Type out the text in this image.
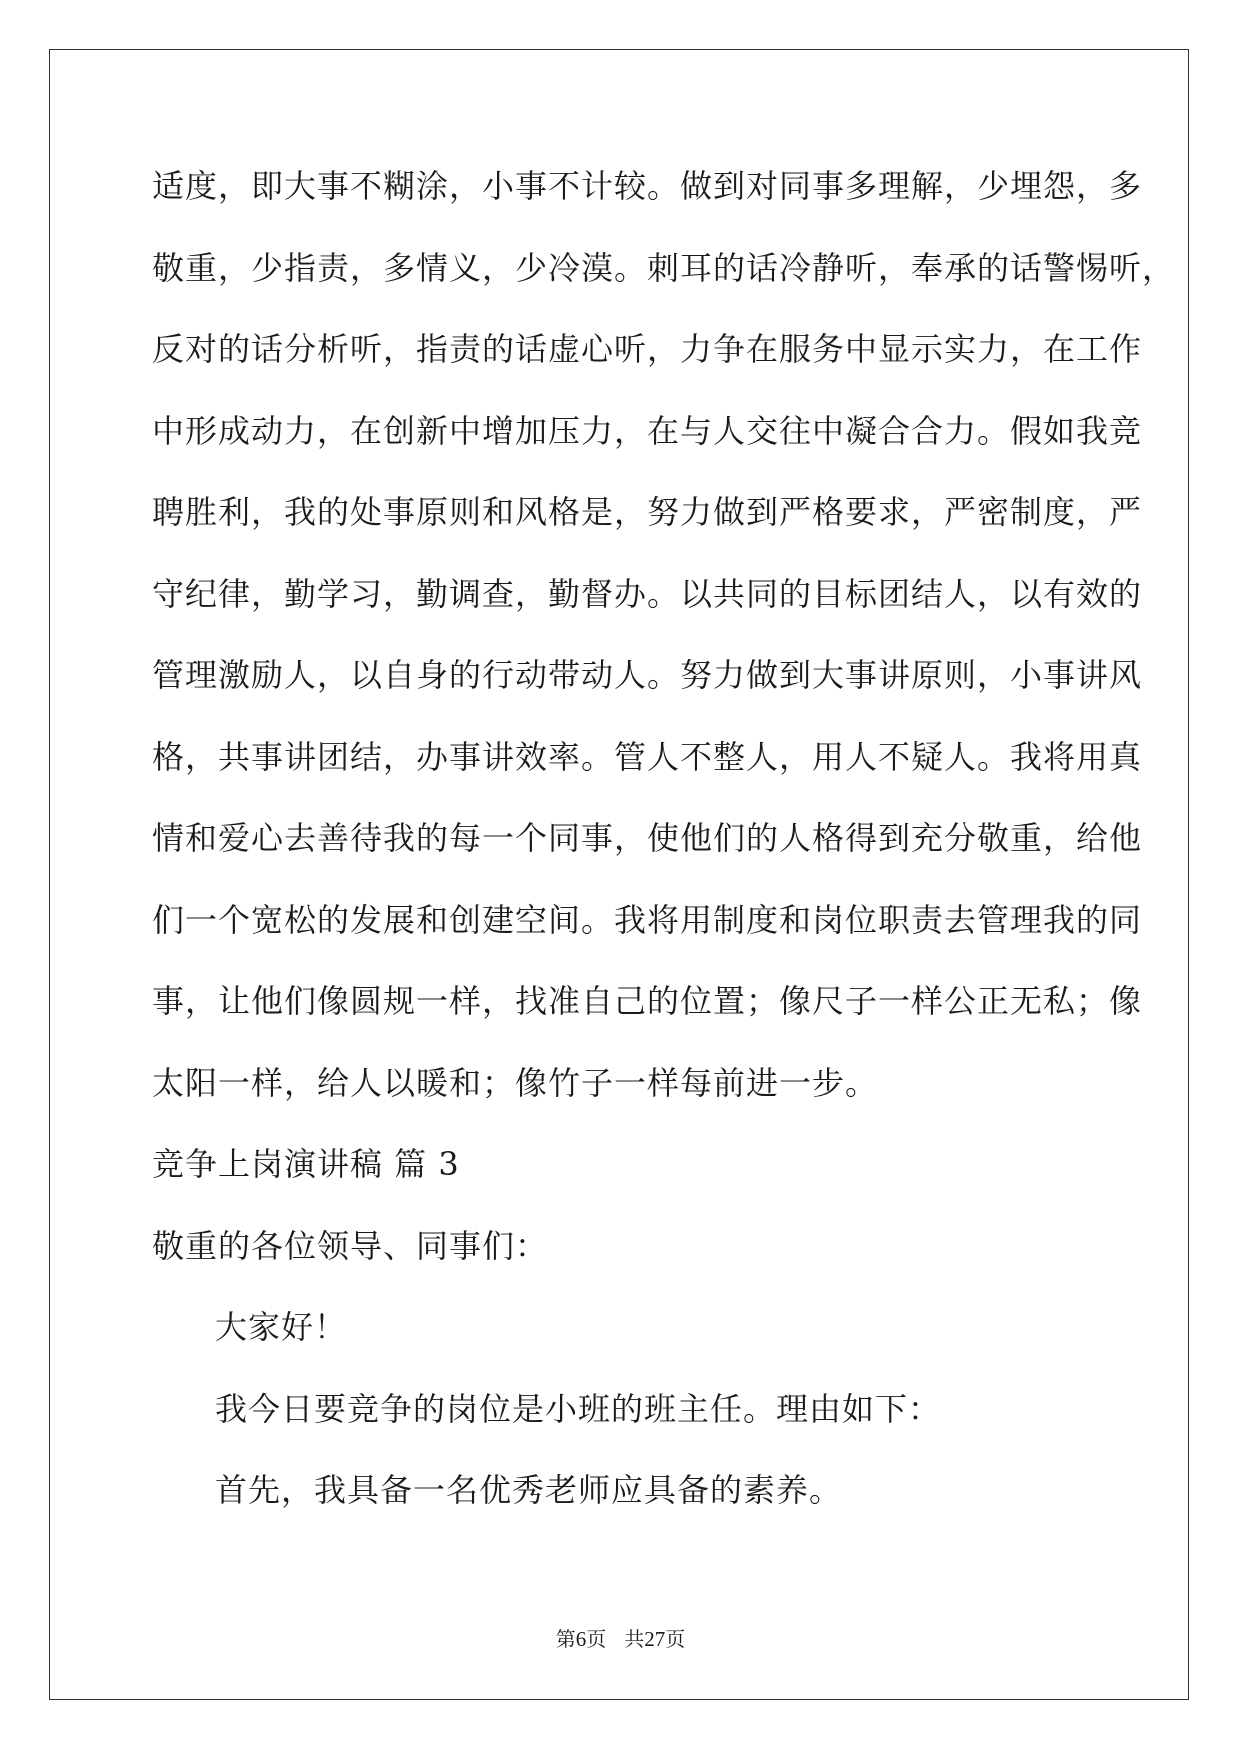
适度，即大事不糊涂，小事不计较。做到对同事多理解，少埋怨，多
敬重，少指责，多情义，少冷漠。刺耳的话冷静听，奉承的话警惕听，
反对的话分析听，指责的话虚心听，力争在服务中显示实力，在工作
中形成动力，在创新中增加压力，在与人交往中凝合合力。假如我竞
聘胜利，我的处事原则和风格是，努力做到严格要求，严密制度，严
守纪律，勤学习，勤调查，勤督办。以共同的目标团结人，以有效的
管理激励人，以自身的行动带动人。努力做到大事讲原则，小事讲风
格，共事讲团结，办事讲效率。管人不整人，用人不疑人。我将用真
情和爱心去善待我的每一个同事，使他们的人格得到充分敬重，给他
们一个宽松的发展和创建空间。我将用制度和岗位职责去管理我的同
事，让他们像圆规一样，找准自己的位置；像尺子一样公正无私；像
太阳一样，给人以暖和；像竹子一样每前进一步。
竞争上岗演讲稿 篇 3
敬重的各位领导、同事们：
大家好！
我今日要竞争的岗位是小班的班主任。理由如下：
首先，我具备一名优秀老师应具备的素养。
第6页 共27页
